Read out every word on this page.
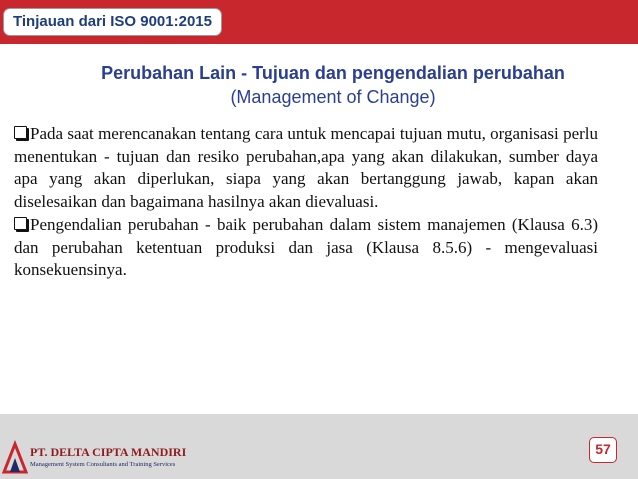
Tinjauan dari ISO 9001:2015
Perubahan Lain - Tujuan dan pengendalian perubahan
(Management of Change)

Pada saat merencanakan tentang cara untuk mencapai tujuan mutu, organisasi perlu menentukan - tujuan dan resiko perubahan,apa yang akan dilakukan, sumber daya apa yang akan diperlukan, siapa yang akan bertanggung jawab, kapan akan diselesaikan dan bagaimana hasilnya akan dievaluasi.

Pengendalian perubahan - baik perubahan dalam sistem manajemen (Klausa 6.3) dan perubahan ketentuan produksi dan jasa (Klausa 8.5.6) - mengevaluasi konsekuensinya.

PT. DELTA CIPTA MANDIRI
Management System Consultants and Training Services
57
